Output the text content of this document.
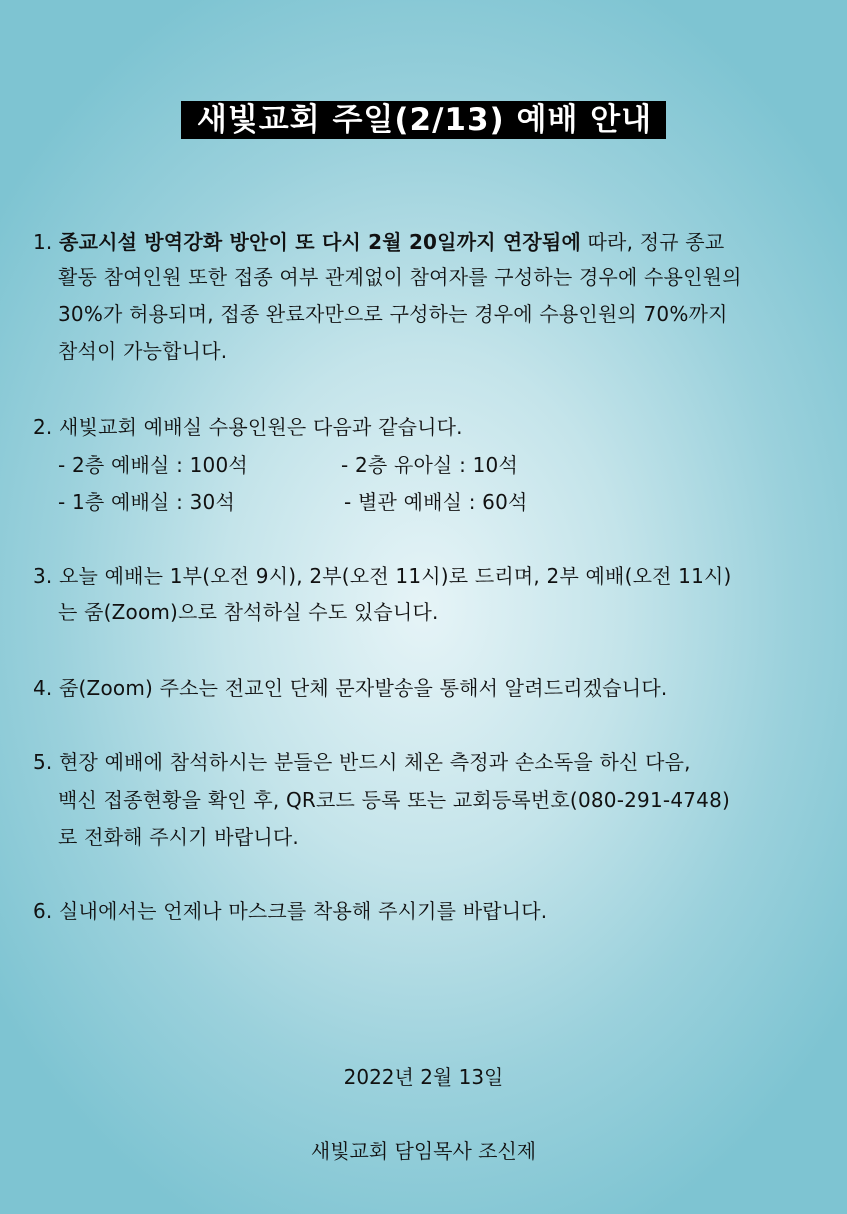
새빛교회 주일(2/13) 예배 안내
1. 종교시설 방역강화 방안이 또 다시 2월 20일까지 연장됨에 따라, 정규 종교
활동 참여인원 또한 접종 여부 관계없이 참여자를 구성하는 경우에 수용인원의
30%가 허용되며, 접종 완료자만으로 구성하는 경우에 수용인원의 70%까지
참석이 가능합니다.
2. 새빛교회 예배실 수용인원은 다음과 같습니다.
- 2층 예배실 : 100석	- 2층 유아실 : 10석
- 1층 예배실 : 30석	- 별관 예배실 : 60석
3. 오늘 예배는 1부(오전 9시), 2부(오전 11시)로 드리며, 2부 예배(오전 11시)
는 줌(Zoom)으로 참석하실 수도 있습니다.
4. 줌(Zoom) 주소는 전교인 단체 문자발송을 통해서 알려드리겠습니다.
5. 현장 예배에 참석하시는 분들은 반드시 체온 측정과 손소독을 하신 다음,
백신 접종현황을 확인 후, QR코드 등록 또는 교회등록번호(080-291-4748)
로 전화해 주시기 바랍니다.
6. 실내에서는 언제나 마스크를 착용해 주시기를 바랍니다.
2022년 2월 13일
새빛교회 담임목사 조신제
